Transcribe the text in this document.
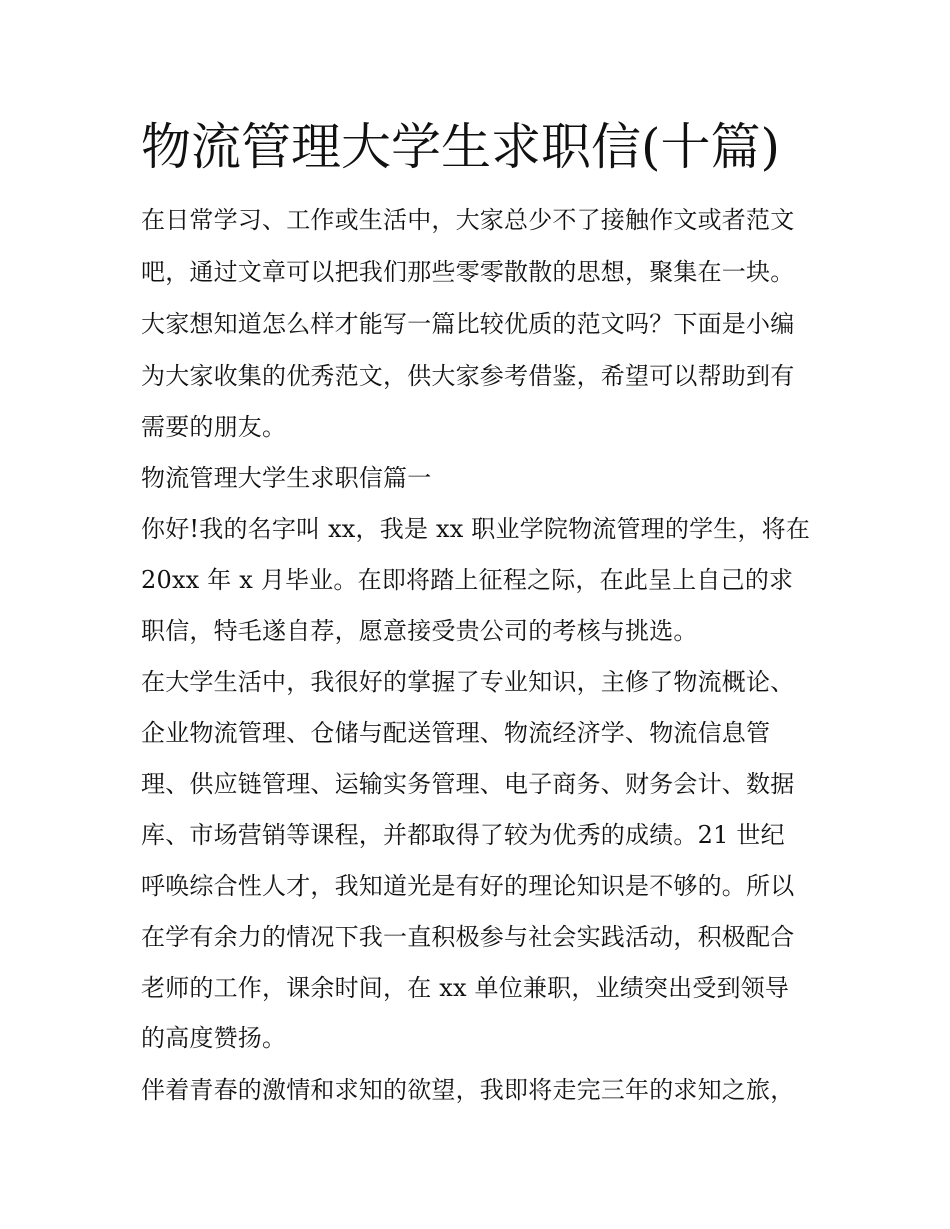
物流管理大学生求职信(十篇)

在日常学习、工作或生活中，大家总少不了接触作文或者范文

吧，通过文章可以把我们那些零零散散的思想，聚集在一块。

大家想知道怎么样才能写一篇比较优质的范文吗？下面是小编

为大家收集的优秀范文，供大家参考借鉴，希望可以帮助到有

需要的朋友。

物流管理大学生求职信篇一

你好!我的名字叫 xx，我是 xx 职业学院物流管理的学生，将在

20xx 年 x 月毕业。在即将踏上征程之际，在此呈上自己的求

职信，特毛遂自荐，愿意接受贵公司的考核与挑选。

在大学生活中，我很好的掌握了专业知识，主修了物流概论、

企业物流管理、仓储与配送管理、物流经济学、物流信息管

理、供应链管理、运输实务管理、电子商务、财务会计、数据

库、市场营销等课程，并都取得了较为优秀的成绩。21 世纪

呼唤综合性人才，我知道光是有好的理论知识是不够的。所以

在学有余力的情况下我一直积极参与社会实践活动，积极配合

老师的工作，课余时间，在 xx 单位兼职，业绩突出受到领导

的高度赞扬。

伴着青春的激情和求知的欲望，我即将走完三年的求知之旅，
